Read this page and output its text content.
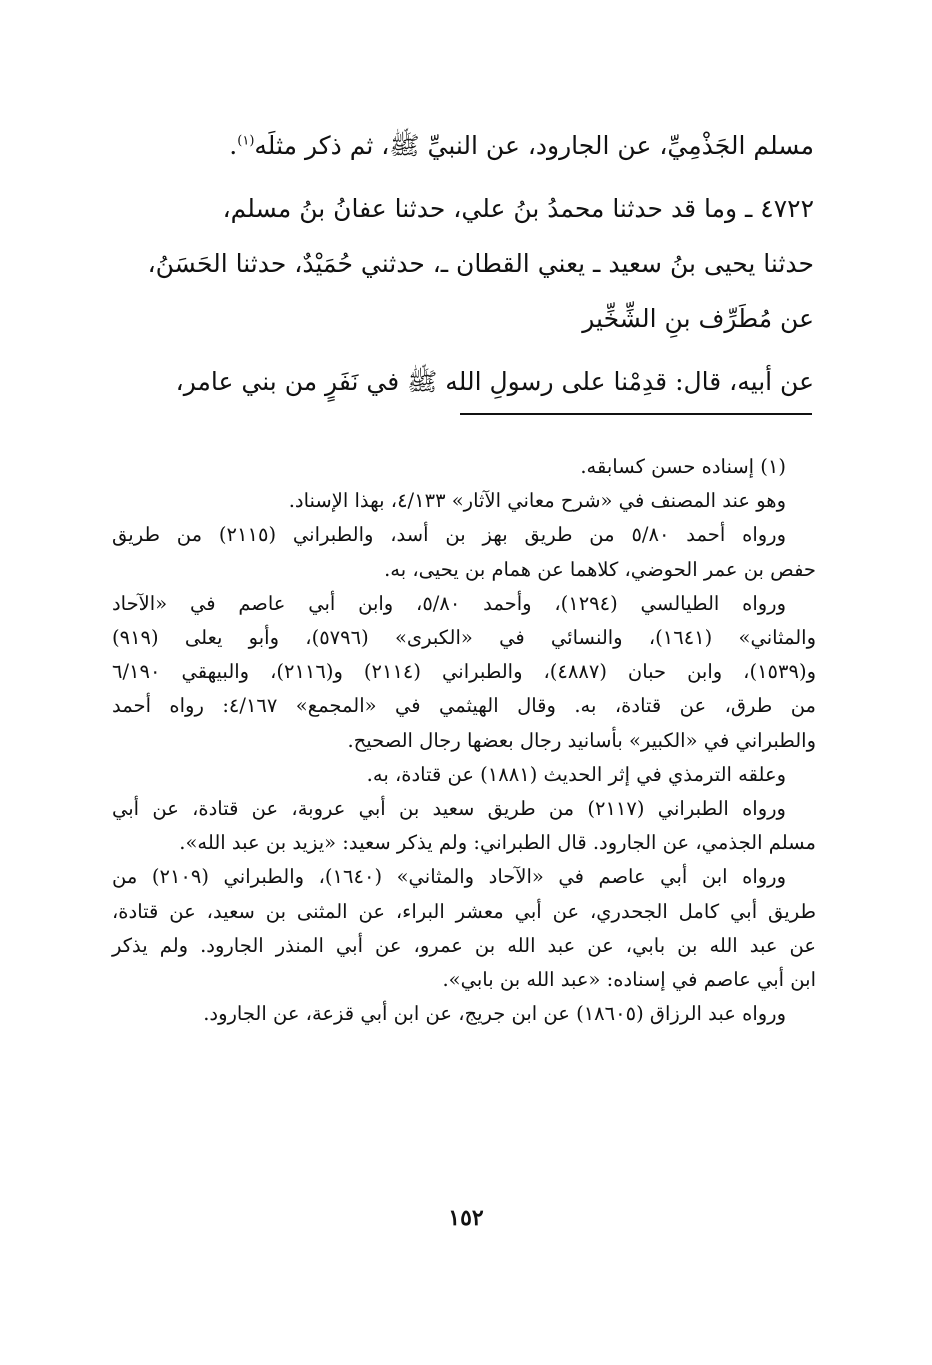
مسلم الجَذْمِيِّ، عن الجارود، عن النبيِّ ﷺ، ثم ذكر مثلَه$^{(١)}$.

٤٧٢٢ ـ وما قد حدثنا محمدُ بنُ علي، حدثنا عفانُ بنُ مسلم،

حدثنا يحيى بنُ سعيد ـ يعني القطان ـ، حدثني حُمَيْدٌ، حدثنا الحَسَنُ،

عن مُطَرِّف بنِ الشِّخِّير

عن أبيه، قال: قدِمْنا على رسولِ الله ﷺ في نَفَرٍ من بني عامر،

(١) إسناده حسن كسابقه.

وهو عند المصنف في «شرح معاني الآثار» ٤/١٣٣، بهذا الإسناد.

ورواه أحمد ٥/٨٠ من طريق بهز بن أسد، والطبراني (٢١١٥) من طريق

حفص بن عمر الحوضي، كلاهما عن همام بن يحيى، به.

ورواه الطيالسي (١٢٩٤)، وأحمد ٥/٨٠، وابن أبي عاصم في «الآحاد

والمثاني» (١٦٤١)، والنسائي في «الكبرى» (٥٧٩٦)، وأبو يعلى (٩١٩)

و(١٥٣٩)، وابن حبان (٤٨٨٧)، والطبراني (٢١١٤) و(٢١١٦)، والبيهقي ٦/١٩٠

من طرق، عن قتادة، به. وقال الهيثمي في «المجمع» ٤/١٦٧: رواه أحمد

والطبراني في «الكبير» بأسانيد رجال بعضها رجال الصحيح.

وعلقه الترمذي في إثر الحديث (١٨٨١) عن قتادة، به.

ورواه الطبراني (٢١١٧) من طريق سعيد بن أبي عروبة، عن قتادة، عن أبي

مسلم الجذمي، عن الجارود. قال الطبراني: ولم يذكر سعيد: «يزيد بن عبد الله».

ورواه ابن أبي عاصم في «الآحاد والمثاني» (١٦٤٠)، والطبراني (٢١٠٩) من

طريق أبي كامل الجحدري، عن أبي معشر البراء، عن المثنى بن سعيد، عن قتادة،

عن عبد الله بن بابي، عن عبد الله بن عمرو، عن أبي المنذر الجارود. ولم يذكر

ابن أبي عاصم في إسناده: «عبد الله بن بابي».

ورواه عبد الرزاق (١٨٦٠٥) عن ابن جريج، عن ابن أبي قزعة، عن الجارود.

١٥٢
